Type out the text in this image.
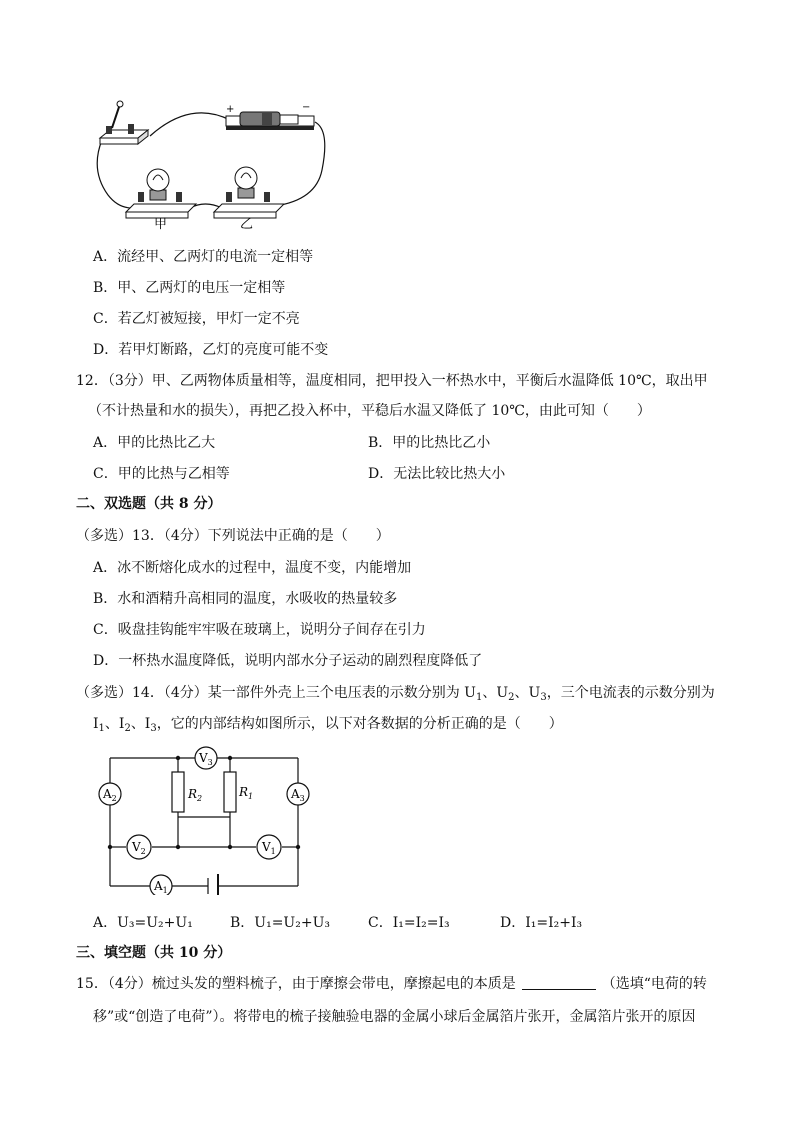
+	−
甲	乙
A．流经甲、乙两灯的电流一定相等
B．甲、乙两灯的电压一定相等
C．若乙灯被短接，甲灯一定不亮
D．若甲灯断路，乙灯的亮度可能不变
12．（3分）甲、乙两物体质量相等，温度相同，把甲投入一杯热水中，平衡后水温降低 10℃，取出甲
（不计热量和水的损失），再把乙投入杯中，平稳后水温又降低了 10℃，由此可知（　　）
A．甲的比热比乙大	B．甲的比热比乙小
C．甲的比热与乙相等	D．无法比较比热大小
二、双选题（共 8 分）
（多选）13．（4分）下列说法中正确的是（　　）
A．冰不断熔化成水的过程中，温度不变，内能增加
B．水和酒精升高相同的温度，水吸收的热量较多
C．吸盘挂钩能牢牢吸在玻璃上，说明分子间存在引力
D．一杯热水温度降低，说明内部水分子运动的剧烈程度降低了
（多选）14．（4分）某一部件外壳上三个电压表的示数分别为 $U_1$、$U_2$、$U_3$，三个电流表的示数分别为
$I_1$、$I_2$、$I_3$，它的内部结构如图所示，以下对各数据的分析正确的是（　　）
$R_2$	$R_1$
$V_3$
$A_2$	$A_3$
$V_2$	$V_1$
$A_1$
A．U₃=U₂+U₁	B．U₁=U₂+U₃	C．I₁=I₂=I₃	D．I₁=I₂+I₃
三、填空题（共 10 分）
15．（4分）梳过头发的塑料梳子，由于摩擦会带电，摩擦起电的本质是	（选填“电荷的转
移”或“创造了电荷”）。将带电的梳子接触验电器的金属小球后金属箔片张开，金属箔片张开的原因
